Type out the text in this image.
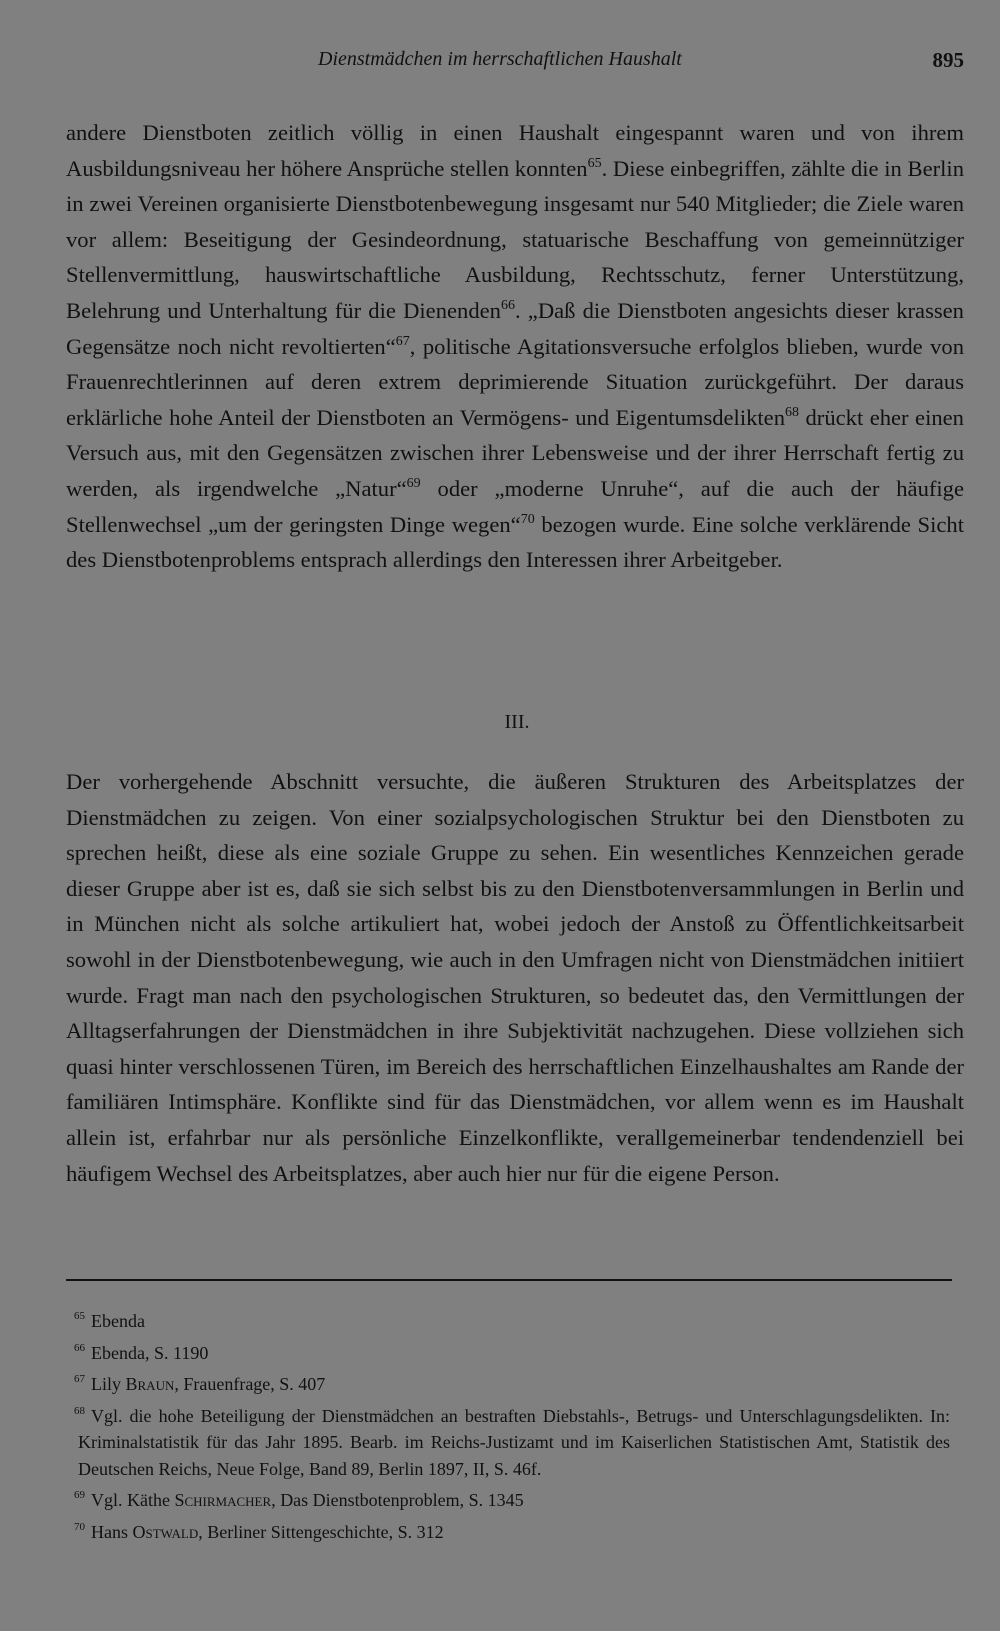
Dienstmädchen im herrschaftlichen Haushalt	895

andere Dienstboten zeitlich völlig in einen Haushalt eingespannt waren und von ihrem Ausbildungsniveau her höhere Ansprüche stellen konnten$^{65}$. Diese einbegriffen, zählte die in Berlin in zwei Vereinen organisierte Dienstbotenbewegung insgesamt nur 540 Mitglieder; die Ziele waren vor allem: Beseitigung der Gesindeordnung, statuarische Beschaffung von gemeinnütziger Stellenvermittlung, hauswirtschaftliche Ausbildung, Rechtsschutz, ferner Unterstützung, Belehrung und Unterhaltung für die Dienenden$^{66}$. „Daß die Dienstboten angesichts dieser krassen Gegensätze noch nicht revoltierten“$^{67}$, politische Agitationsversuche erfolglos blieben, wurde von Frauenrechtlerinnen auf deren extrem deprimierende Situation zurückgeführt. Der daraus erklärliche hohe Anteil der Dienstboten an Vermögens- und Eigentumsdelikten$^{68}$ drückt eher einen Versuch aus, mit den Gegensätzen zwischen ihrer Lebensweise und der ihrer Herrschaft fertig zu werden, als irgendwelche „Natur“$^{69}$ oder „moderne Unruhe“, auf die auch der häufige Stellenwechsel „um der geringsten Dinge wegen“$^{70}$ bezogen wurde. Eine solche verklärende Sicht des Dienstbotenproblems entsprach allerdings den Interessen ihrer Arbeitgeber.

III.

Der vorhergehende Abschnitt versuchte, die äußeren Strukturen des Arbeitsplatzes der Dienstmädchen zu zeigen. Von einer sozialpsychologischen Struktur bei den Dienstboten zu sprechen heißt, diese als eine soziale Gruppe zu sehen. Ein wesentliches Kennzeichen gerade dieser Gruppe aber ist es, daß sie sich selbst bis zu den Dienstbotenversammlungen in Berlin und in München nicht als solche artikuliert hat, wobei jedoch der Anstoß zu Öffentlichkeitsarbeit sowohl in der Dienstbotenbewegung, wie auch in den Umfragen nicht von Dienstmädchen initiiert wurde. Fragt man nach den psychologischen Strukturen, so bedeutet das, den Vermittlungen der Alltagserfahrungen der Dienstmädchen in ihre Subjektivität nachzugehen. Diese vollziehen sich quasi hinter verschlossenen Türen, im Bereich des herrschaftlichen Einzelhaushaltes am Rande der familiären Intimsphäre. Konflikte sind für das Dienstmädchen, vor allem wenn es im Haushalt allein ist, erfahrbar nur als persönliche Einzelkonflikte, verallgemeinerbar tendendenziell bei häufigem Wechsel des Arbeitsplatzes, aber auch hier nur für die eigene Person.

$^{65}$ Ebenda
$^{66}$ Ebenda, S. 1190
$^{67}$ Lily Braun, Frauenfrage, S. 407
$^{68}$ Vgl. die hohe Beteiligung der Dienstmädchen an bestraften Diebstahls-, Betrugs- und Unterschlagungsdelikten. In: Kriminalstatistik für das Jahr 1895. Bearb. im Reichs-Justizamt und im Kaiserlichen Statistischen Amt, Statistik des Deutschen Reichs, Neue Folge, Band 89, Berlin 1897, II, S. 46f.
$^{69}$ Vgl. Käthe Schirmacher, Das Dienstbotenproblem, S. 1345
$^{70}$ Hans Ostwald, Berliner Sittengeschichte, S. 312
